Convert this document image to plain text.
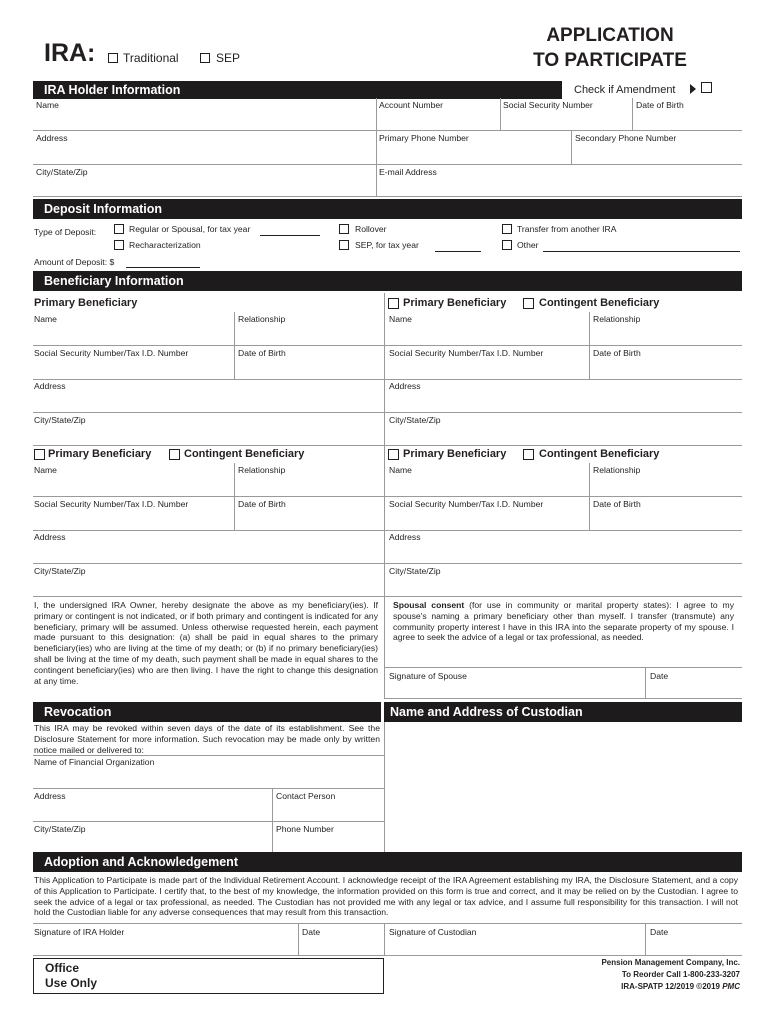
IRA: Traditional	SEP
APPLICATION
TO PARTICIPATE
IRA Holder Information	Check if Amendment
Name	Account Number	Social Security Number	Date of Birth
Address	Primary Phone Number	Secondary Phone Number
City/State/Zip	E-mail Address
Deposit Information
Type of Deposit:	Regular or Spousal, for tax year
Recharacterization
Rollover
SEP, for tax year
Transfer from another IRA
Other
Amount of Deposit: $
Beneficiary Information
Primary Beneficiary
Name	Relationship
Social Security Number/Tax I.D. Number	Date of Birth
Address
City/State/Zip
Primary Beneficiary	Contingent Beneficiary
Name	Relationship
Social Security Number/Tax I.D. Number	Date of Birth
Address
City/State/Zip
Primary Beneficiary	Contingent Beneficiary
Name	Relationship
Social Security Number/Tax I.D. Number	Date of Birth
Address
City/State/Zip
Primary Beneficiary	Contingent Beneficiary
Name	Relationship
Social Security Number/Tax I.D. Number	Date of Birth
Address
City/State/Zip
I, the undersigned IRA Owner, hereby designate the above as my beneficiary(ies). If primary or contingent is not indicated, or if both primary and contingent is indicated for any beneficiary, primary will be assumed. Unless otherwise requested herein, each payment made pursuant to this designation: (a) shall be paid in equal shares to the primary beneficiary(ies) who are living at the time of my death; or (b) if no primary beneficiary(ies) shall be living at the time of my death, such payment shall be made in equal shares to the contingent beneficiary(ies) who are then living. I have the right to change this designation at any time.
Spousal consent (for use in community or marital property states): I agree to my spouse's naming a primary beneficiary other than myself. I transfer (transmute) any community property interest I have in this IRA into the separate property of my spouse. I agree to seek the advice of a legal or tax professional, as needed.
Signature of Spouse	Date
Revocation	Name and Address of Custodian
This IRA may be revoked within seven days of the date of its establishment. See the Disclosure Statement for more information. Such revocation may be made only by written notice mailed or delivered to:
Name of Financial Organization
Address	Contact Person
City/State/Zip	Phone Number
Adoption and Acknowledgement
This Application to Participate is made part of the Individual Retirement Account. I acknowledge receipt of the IRA Agreement establishing my IRA, the Disclosure Statement, and a copy of this Application to Participate. I certify that, to the best of my knowledge, the information provided on this form is true and correct, and it may be relied on by the Custodian. I agree to seek the advice of a legal or tax professional, as needed. The Custodian has not provided me with any legal or tax advice, and I assume full responsibility for this transaction. I will not hold the Custodian liable for any adverse consequences that may result from this transaction.
Signature of IRA Holder	Date	Signature of Custodian	Date
Office
Use Only
Pension Management Company, Inc.
To Reorder Call 1-800-233-3207
IRA-SPATP 12/2019 ©2019 PMC
